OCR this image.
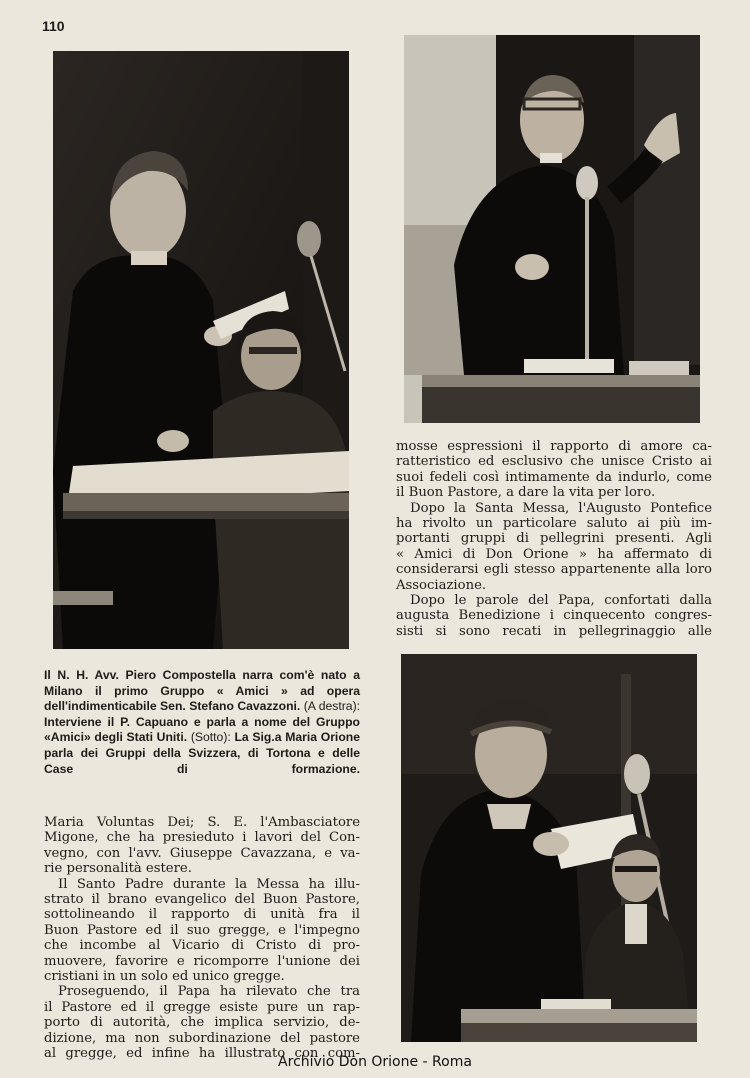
110
Il N. H. Avv. Piero Compostella narra com'è nato a Milano il primo Gruppo « Amici » ad opera dell'indimenticabile Sen. Stefano Cavazzoni. (A destra): Interviene il P. Capuano e parla a nome del Gruppo «Amici» degli Stati Uniti. (Sotto): La Sig.a Maria Orione parla dei Gruppi della Svizzera, di Tortona e delle Case di formazione.
Maria Voluntas Dei; S. E. l'Ambasciatore
Migone, che ha presieduto i lavori del Con-
vegno, con l'avv. Giuseppe Cavazzana, e va-
rie personalità estere.
Il Santo Padre durante la Messa ha illu-
strato il brano evangelico del Buon Pastore,
sottolineando il rapporto di unità fra il
Buon Pastore ed il suo gregge, e l'impegno
che incombe al Vicario di Cristo di pro-
muovere, favorire e ricomporre l'unione dei
cristiani in un solo ed unico gregge.
Proseguendo, il Papa ha rilevato che tra
il Pastore ed il gregge esiste pure un rap-
porto di autorità, che implica servizio, de-
dizione, ma non subordinazione del pastore
al gregge, ed infine ha illustrato con com-
mosse espressioni il rapporto di amore ca-
ratteristico ed esclusivo che unisce Cristo ai
suoi fedeli così intimamente da indurlo, come
il Buon Pastore, a dare la vita per loro.
Dopo la Santa Messa, l'Augusto Pontefice
ha rivolto un particolare saluto ai più im-
portanti gruppi di pellegrini presenti. Agli
« Amici di Don Orione » ha affermato di
considerarsi egli stesso appartenente alla loro
Associazione.
Dopo le parole del Papa, confortati dalla
augusta Benedizione i cinquecento congres-
sisti si sono recati in pellegrinaggio alle
Archivio Don Orione - Roma
